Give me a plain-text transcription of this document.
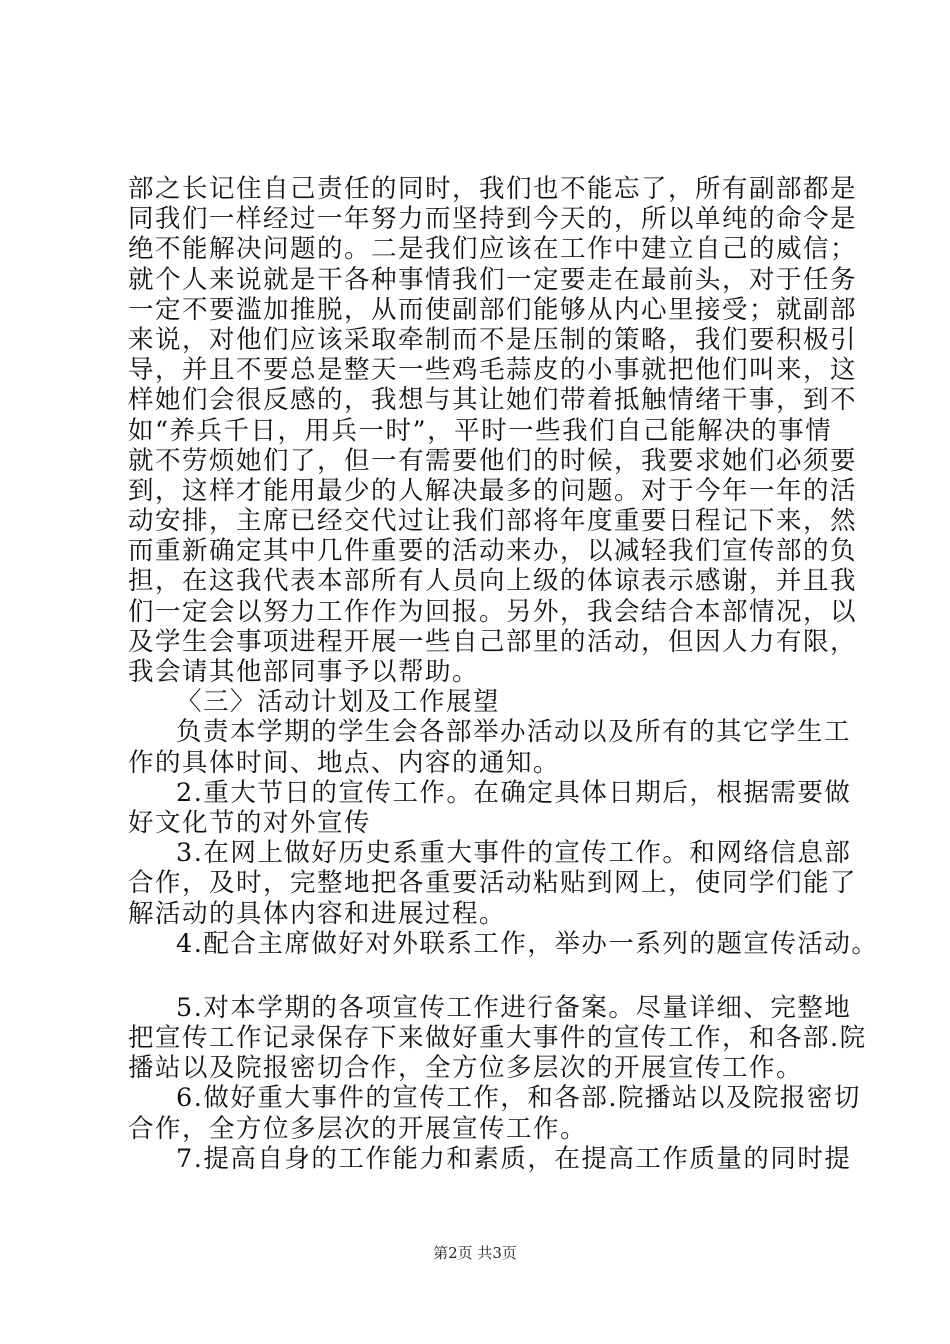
部之长记住自己责任的同时，我们也不能忘了，所有副部都是
同我们一样经过一年努力而坚持到今天的，所以单纯的命令是
绝不能解决问题的。二是我们应该在工作中建立自己的威信；
就个人来说就是干各种事情我们一定要走在最前头，对于任务
一定不要滥加推脱，从而使副部们能够从内心里接受；就副部
来说，对他们应该采取牵制而不是压制的策略，我们要积极引
导，并且不要总是整天一些鸡毛蒜皮的小事就把他们叫来，这
样她们会很反感的，我想与其让她们带着抵触情绪干事，到不
如“养兵千日，用兵一时”，平时一些我们自己能解决的事情
就不劳烦她们了，但一有需要他们的时候，我要求她们必须要
到，这样才能用最少的人解决最多的问题。对于今年一年的活
动安排，主席已经交代过让我们部将年度重要日程记下来，然
而重新确定其中几件重要的活动来办，以减轻我们宣传部的负
担，在这我代表本部所有人员向上级的体谅表示感谢，并且我
们一定会以努力工作作为回报。另外，我会结合本部情况，以
及学生会事项进程开展一些自己部里的活动，但因人力有限，
我会请其他部同事予以帮助。
〈三〉活动计划及工作展望
负责本学期的学生会各部举办活动以及所有的其它学生工
作的具体时间、地点、内容的通知。
2.重大节日的宣传工作。在确定具体日期后，根据需要做
好文化节的对外宣传
3.在网上做好历史系重大事件的宣传工作。和网络信息部
合作，及时，完整地把各重要活动粘贴到网上，使同学们能了
解活动的具体内容和进展过程。
4.配合主席做好对外联系工作，举办一系列的题宣传活动。
5.对本学期的各项宣传工作进行备案。尽量详细、完整地
把宣传工作记录保存下来做好重大事件的宣传工作，和各部.院
播站以及院报密切合作，全方位多层次的开展宣传工作。
6.做好重大事件的宣传工作，和各部.院播站以及院报密切
合作，全方位多层次的开展宣传工作。
7.提高自身的工作能力和素质，在提高工作质量的同时提
第2页 共3页
